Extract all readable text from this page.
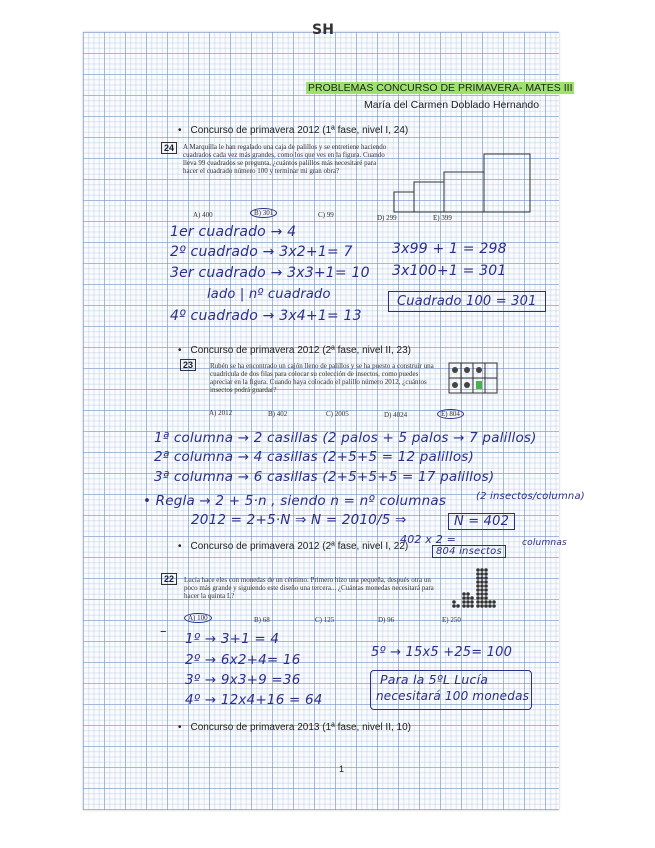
SH
PROBLEMAS CONCURSO DE PRIMAVERA- MATES III
María del Carmen Doblado Hernando
• Concurso de primavera 2012 (1ª fase, nivel I, 24)
24	A Marquilla le han regalado una caja de palillos y se entretiene haciendo cuadrados cada vez más grandes, como los que ves en la figura. Cuando lleva 99 cuadrados se pregunta, ¿cuántos palillos más necesitaré para hacer el cuadrado número 100 y terminar mi gran obra?
A) 400	B) 301	C) 99	D) 299	E) 399
1er cuadrado → 4
2º cuadrado → 3x2+1= 7
3er cuadrado → 3x3+1= 10
lado | nº cuadrado
4º cuadrado → 3x4+1= 13
3x99 + 1 = 298
3x100+1 = 301
Cuadrado 100 = 301
• Concurso de primavera 2012 (2ª fase, nivel II, 23)
23	Rubén se ha encontrado un cajón lleno de palillos y se ha puesto a construir una cuadrícula de dos filas para colocar su colección de insectos, como puedes apreciar en la figura. Cuando haya colocado el palillo número 2012, ¿cuántos insectos podrá guardar?
A) 2012	B) 402	C) 2005	D) 4024	E) 804
1ª columna → 2 casillas (2 palos + 5 palos → 7 palillos)
2ª columna → 4 casillas (2+5+5 = 12 palillos)
3ª columna → 6 casillas (2+5+5+5 = 17 palillos)
• Regla → 2 + 5·n , siendo n = nº columnas	(2 insectos/columna)
2012 = 2+5·N ⇒ N = 2010/5 ⇒	N = 402
402 x 2 =	columnas
804 insectos
• Concurso de primavera 2012 (2ª fase, nivel I, 22)
22	Lucía hace eles con monedas de un céntimo. Primero hizo una pequeña, después otra un poco más grande y siguiendo este diseño una tercera... ¿Cuántas monedas necesitará para hacer la quinta L?
A) 100	B) 68	C) 125	D) 96	E) 250
– 1º → 3+1 = 4
2º → 6x2+4= 16
3º → 9x3+9 =36
4º → 12x4+16 = 64
5º → 15x5 +25= 100
Para la 5ºL Lucía
necesitará 100 monedas
• Concurso de primavera 2013 (1ª fase, nivel II, 10)
1
